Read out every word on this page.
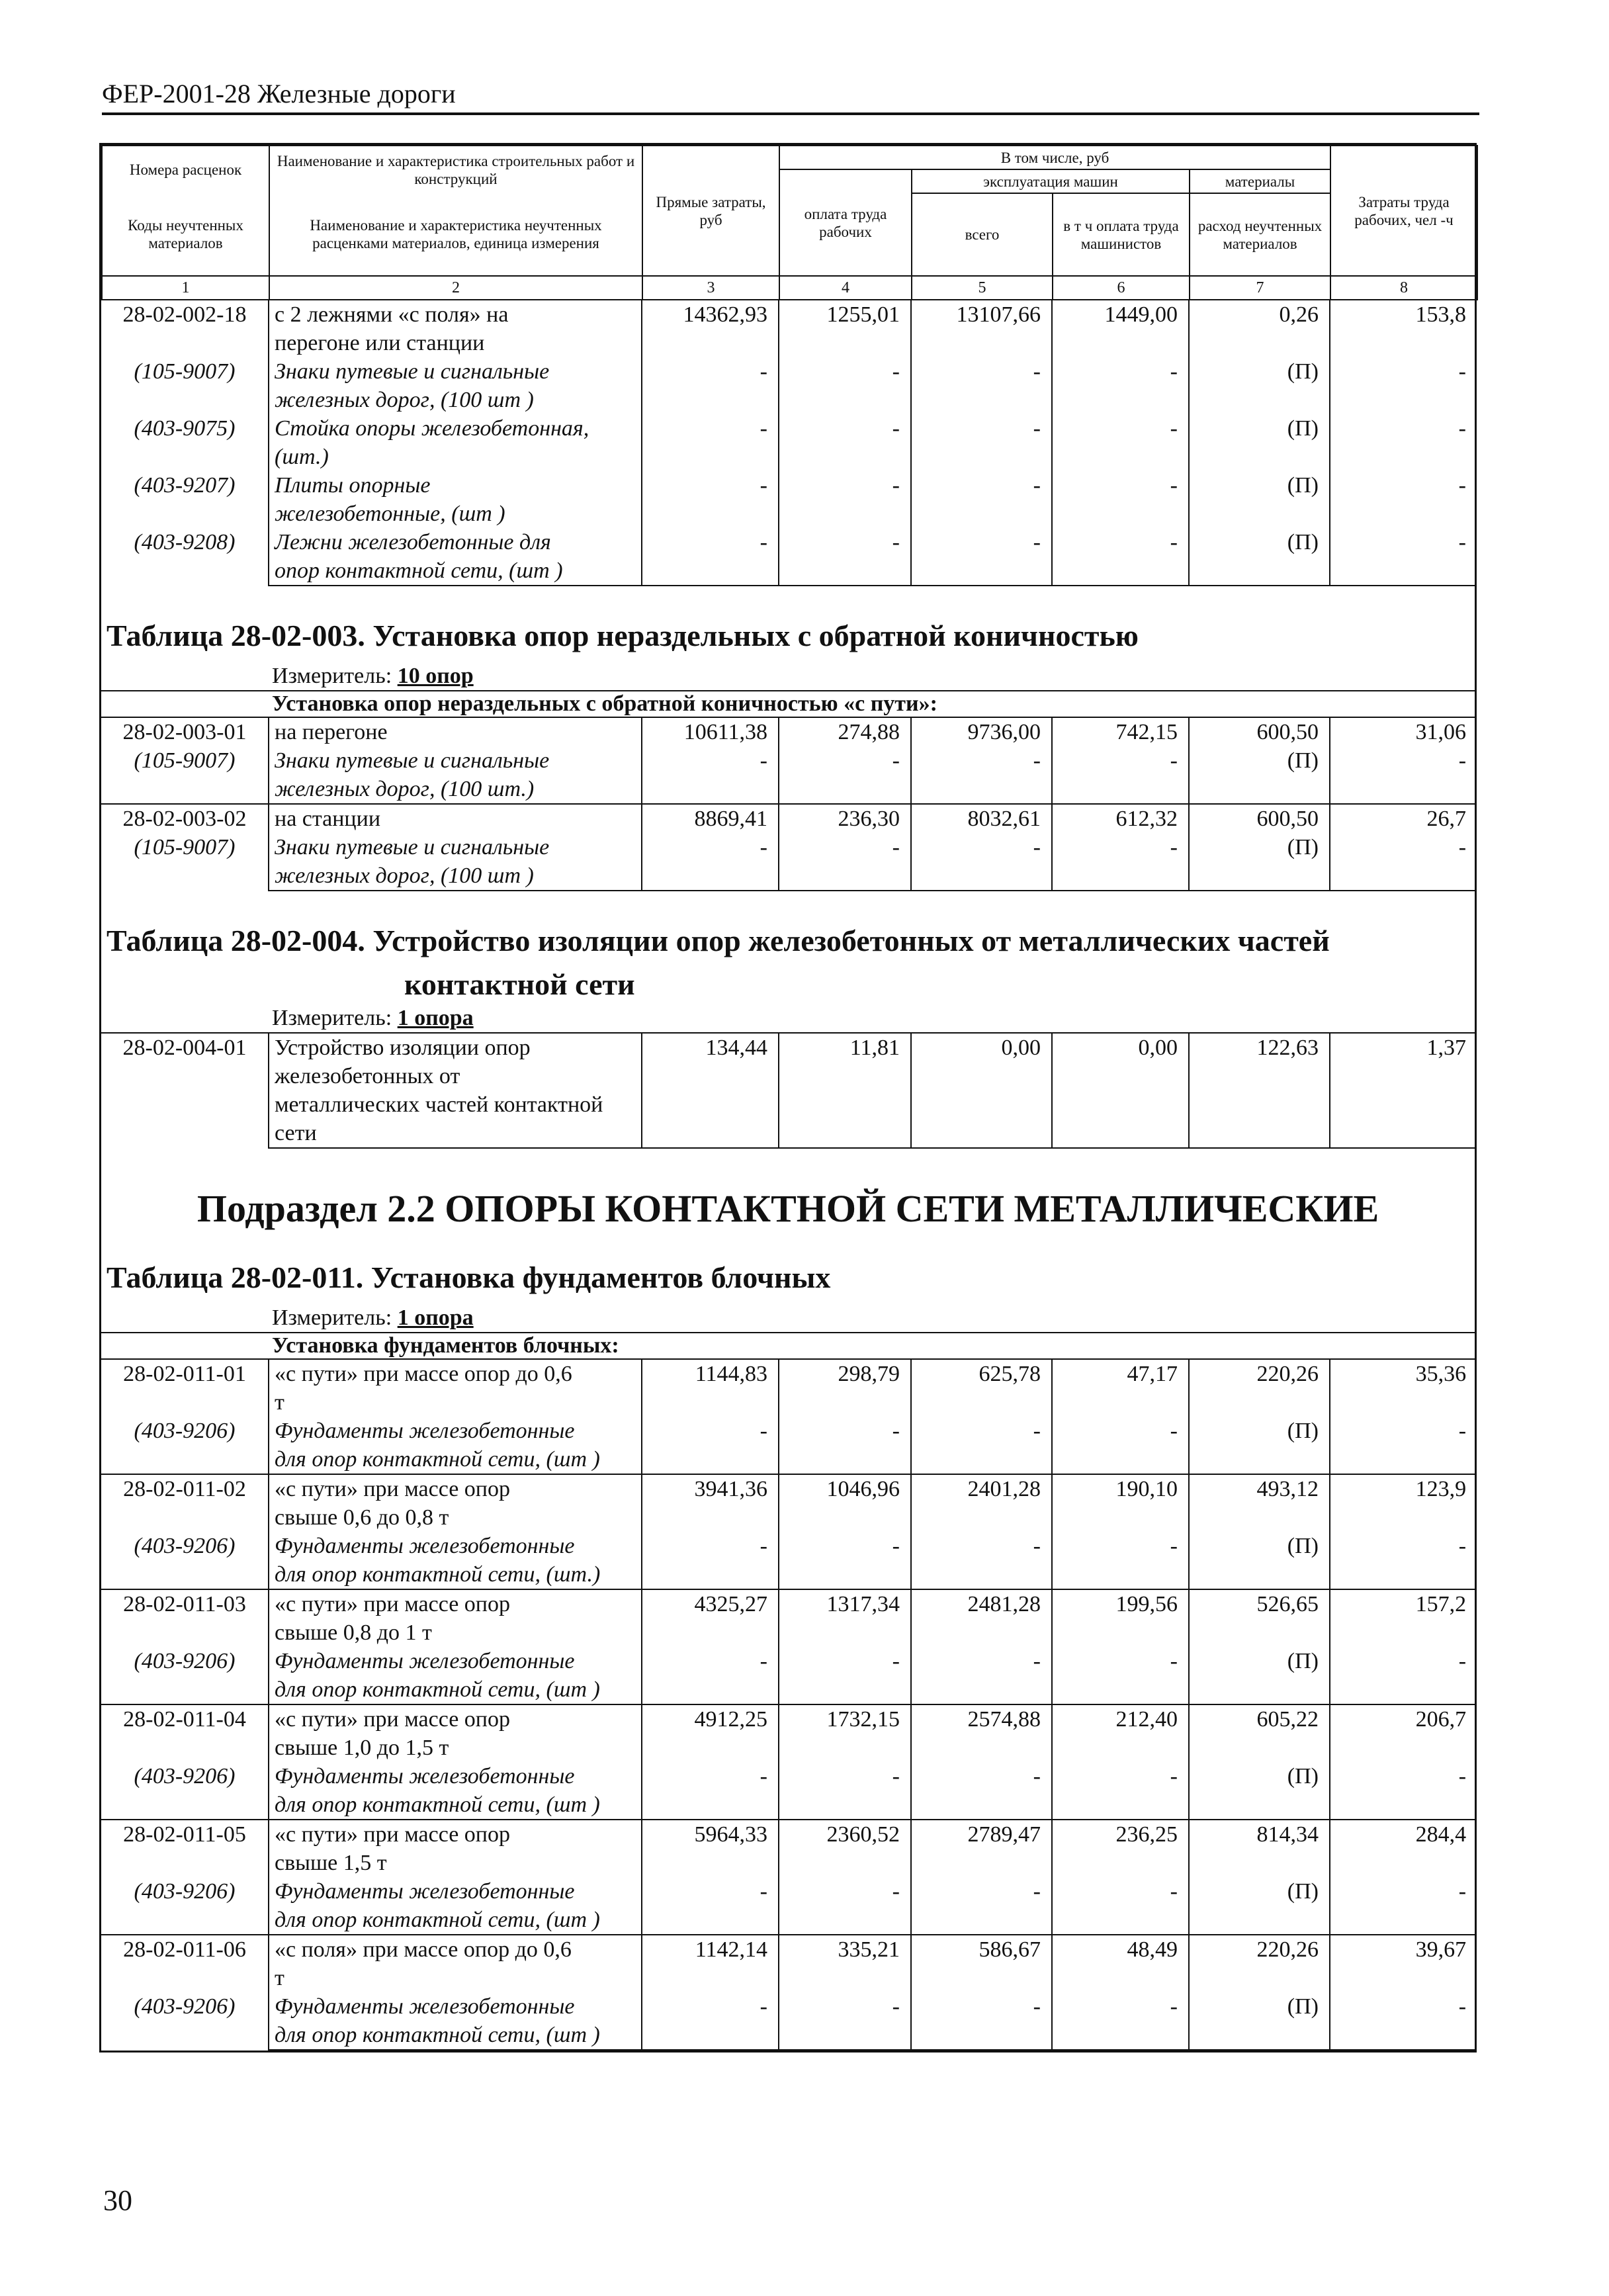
ФЕР-2001-28 Железные дороги
Номера расценок	Наименование и характеристика строительных работ и конструкций	Прямые затраты, руб	В том числе, руб				Затраты труда рабочих, чел -ч
			оплата труда рабочих	эксплуатация машин		материалы	
Коды неучтенных материалов	Наименование и характеристика неучтенных расценками материалов, единица измерения			всего	в т ч оплата труда машинистов	расход неучтенных материалов	
1	2	3	4	5	6	7	8
28-02-002-18	с 2 лежнями «с поля» на	14362,93	1255,01	13107,66	1449,00	0,26	153,8
	перегоне или станции						
(105-9007)	Знаки путевые и сигнальные	-	-	-	-	(П)	-
	железных дорог, (100 шт )						
(403-9075)	Стойка опоры железобетонная,	-	-	-	-	(П)	-
	(шт.)						
(403-9207)	Плиты опорные	-	-	-	-	(П)	-
	железобетонные, (шт )						
(403-9208)	Лежни железобетонные для	-	-	-	-	(П)	-
	опор контактной сети, (шт )						
Таблица 28-02-003. Установка опор нераздельных с обратной коничностью
Измеритель: 10 опор
Установка опор нераздельных с обратной коничностью «с пути»:							
28-02-003-01	на перегоне	10611,38	274,88	9736,00	742,15	600,50	31,06
(105-9007)	Знаки путевые и сигнальные	-	-	-	-	(П)	-
	железных дорог, (100 шт.)						
28-02-003-02	на станции	8869,41	236,30	8032,61	612,32	600,50	26,7
(105-9007)	Знаки путевые и сигнальные	-	-	-	-	(П)	-
	железных дорог, (100 шт )						
Таблица 28-02-004. Устройство изоляции опор железобетонных от металлических частей
контактной сети
Измеритель: 1 опора
28-02-004-01	Устройство изоляции опор	134,44	11,81	0,00	0,00	122,63	1,37
	железобетонных от						
	металлических частей контактной						
	сети						
Подраздел 2.2 ОПОРЫ КОНТАКТНОЙ СЕТИ МЕТАЛЛИЧЕСКИЕ
Таблица 28-02-011. Установка фундаментов блочных
Измеритель: 1 опора
Установка фундаментов блочных:							
28-02-011-01	«с пути» при массе опор до 0,6	1144,83	298,79	625,78	47,17	220,26	35,36
	т						
(403-9206)	Фундаменты железобетонные	-	-	-	-	(П)	-
	для опор контактной сети, (шт )						
28-02-011-02	«с пути» при массе опор	3941,36	1046,96	2401,28	190,10	493,12	123,9
	свыше 0,6 до 0,8 т						
(403-9206)	Фундаменты железобетонные	-	-	-	-	(П)	-
	для опор контактной сети, (шт.)						
28-02-011-03	«с пути» при массе опор	4325,27	1317,34	2481,28	199,56	526,65	157,2
	свыше 0,8 до 1 т						
(403-9206)	Фундаменты железобетонные	-	-	-	-	(П)	-
	для опор контактной сети, (шт )						
28-02-011-04	«с пути» при массе опор	4912,25	1732,15	2574,88	212,40	605,22	206,7
	свыше 1,0 до 1,5 т						
(403-9206)	Фундаменты железобетонные	-	-	-	-	(П)	-
	для опор контактной сети, (шт )						
28-02-011-05	«с пути» при массе опор	5964,33	2360,52	2789,47	236,25	814,34	284,4
	свыше 1,5 т						
(403-9206)	Фундаменты железобетонные	-	-	-	-	(П)	-
	для опор контактной сети, (шт )						
28-02-011-06	«с поля» при массе опор до 0,6	1142,14	335,21	586,67	48,49	220,26	39,67
	т						
(403-9206)	Фундаменты железобетонные	-	-	-	-	(П)	-
	для опор контактной сети, (шт )						
30
